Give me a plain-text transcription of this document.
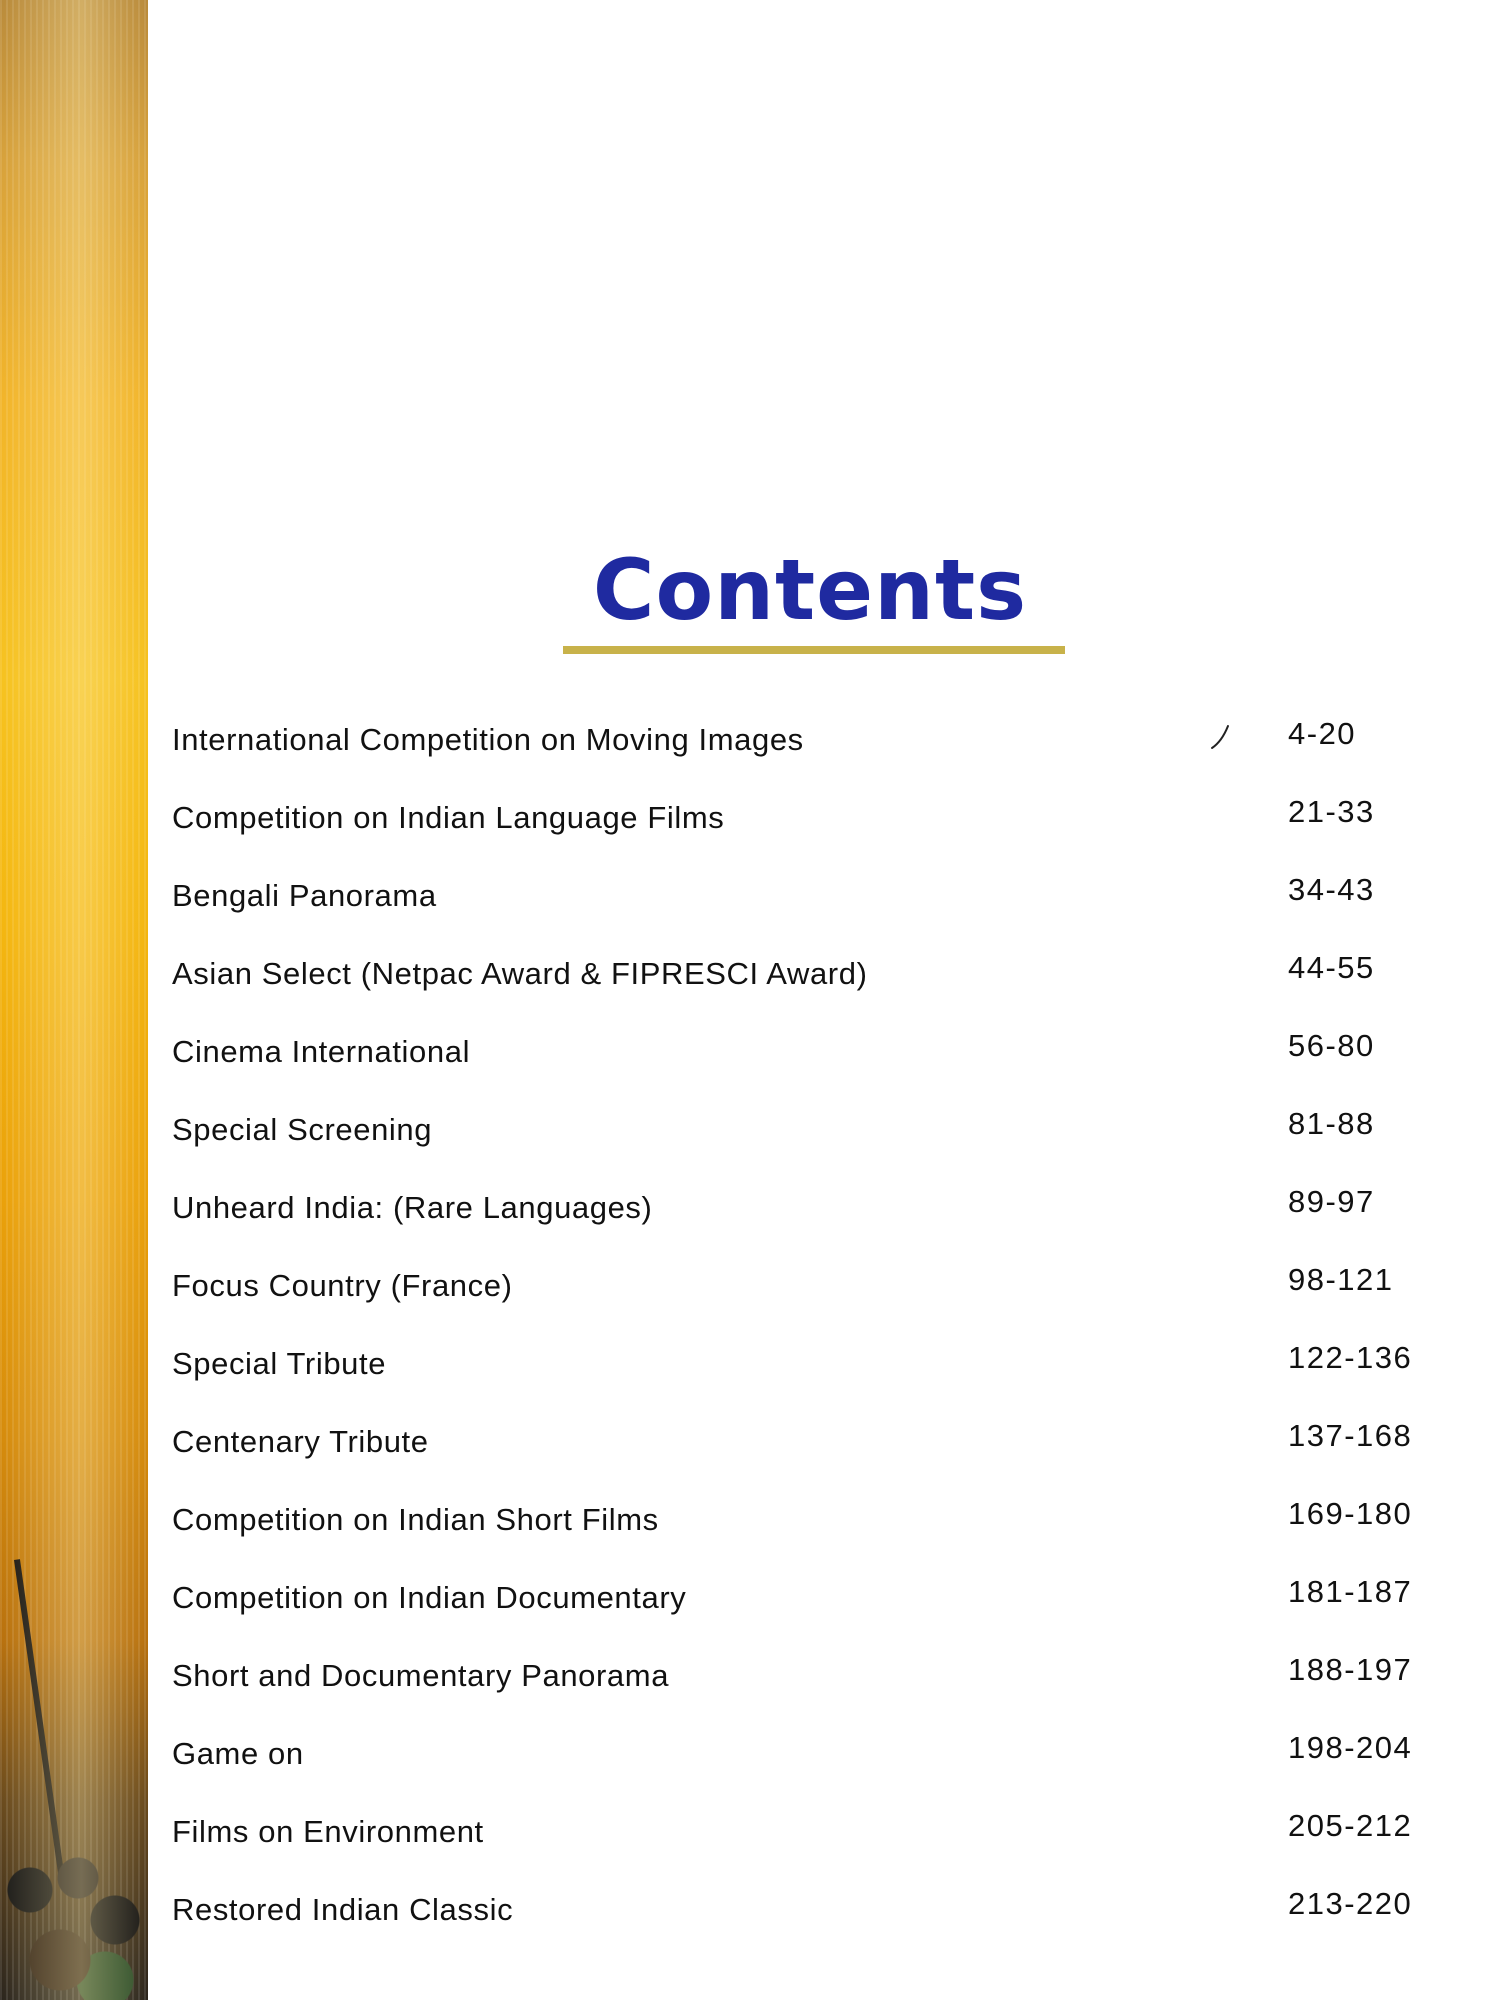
Contents
International Competition on Moving Images	4-20
Competition on Indian Language Films	21-33
Bengali Panorama	34-43
Asian Select (Netpac Award & FIPRESCI Award)	44-55
Cinema International	56-80
Special Screening	81-88
Unheard India: (Rare Languages)	89-97
Focus Country (France)	98-121
Special Tribute	122-136
Centenary Tribute	137-168
Competition on Indian Short Films	169-180
Competition on Indian Documentary	181-187
Short and Documentary Panorama	188-197
Game on	198-204
Films on Environment	205-212
Restored Indian Classic	213-220
